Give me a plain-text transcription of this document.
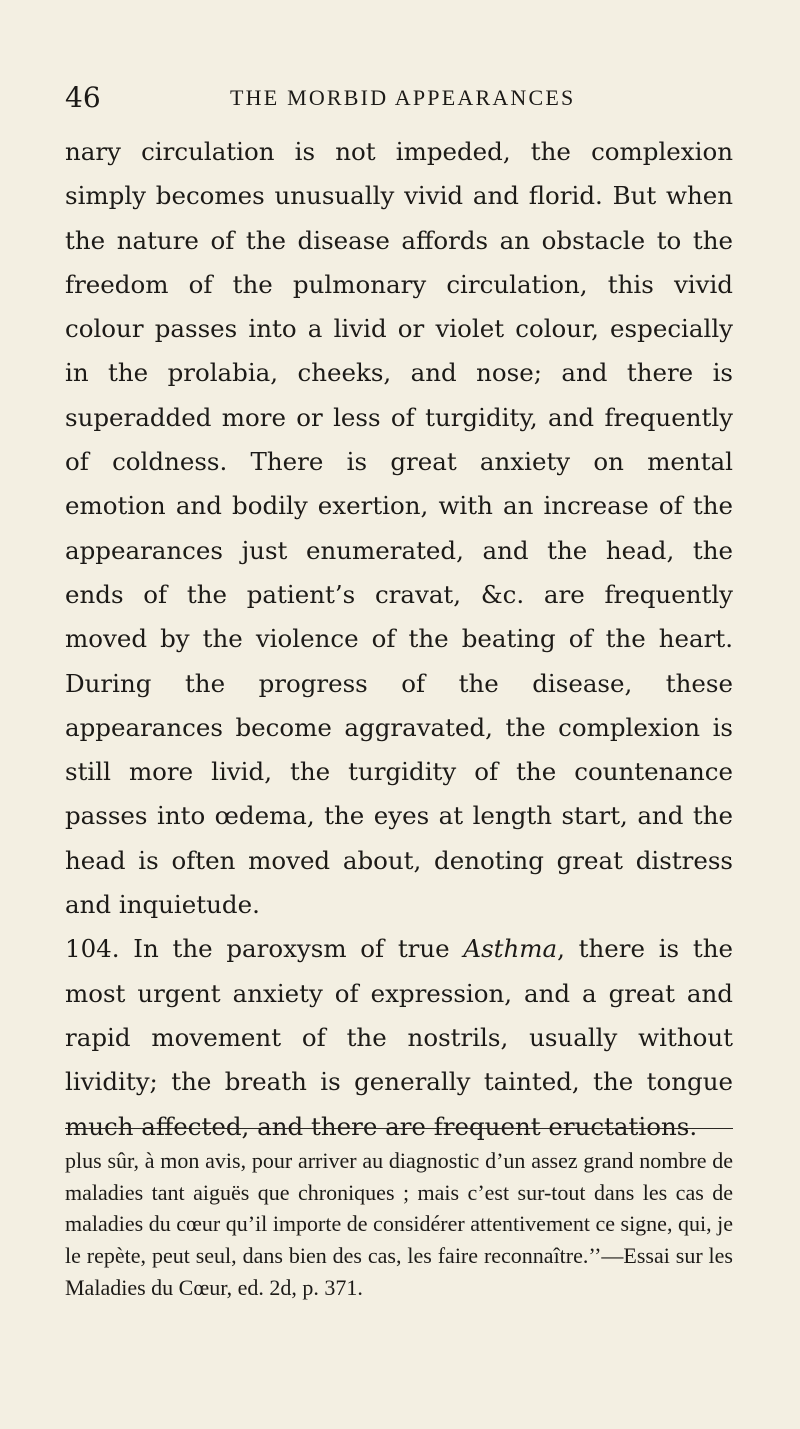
46	THE MORBID APPEARANCES

nary circulation is not impeded, the complexion simply becomes unusually vivid and florid. But when the nature of the disease affords an obstacle to the freedom of the pulmonary circulation, this vivid colour passes into a livid or violet colour, especially in the prolabia, cheeks, and nose; and there is superadded more or less of turgidity, and frequently of coldness. There is great anxiety on mental emotion and bodily exertion, with an increase of the appearances just enumerated, and the head, the ends of the patient’s cravat, &c. are frequently moved by the violence of the beating of the heart. During the progress of the disease, these appearances become aggravated, the complexion is still more livid, the turgidity of the countenance passes into œdema, the eyes at length start, and the head is often moved about, denoting great distress and inquietude.

104. In the paroxysm of true Asthma, there is the most urgent anxiety of expression, and a great and rapid movement of the nostrils, usually without lividity; the breath is generally tainted, the tongue much affected, and there are frequent eructations.

plus sûr, à mon avis, pour arriver au diagnostic d’un assez grand nombre de maladies tant aiguës que chroniques ; mais c’est sur-tout dans les cas de maladies du cœur qu’il importe de considérer attentivement ce signe, qui, je le repète, peut seul, dans bien des cas, les faire reconnaître.’’—Essai sur les Maladies du Cœur, ed. 2d, p. 371.
